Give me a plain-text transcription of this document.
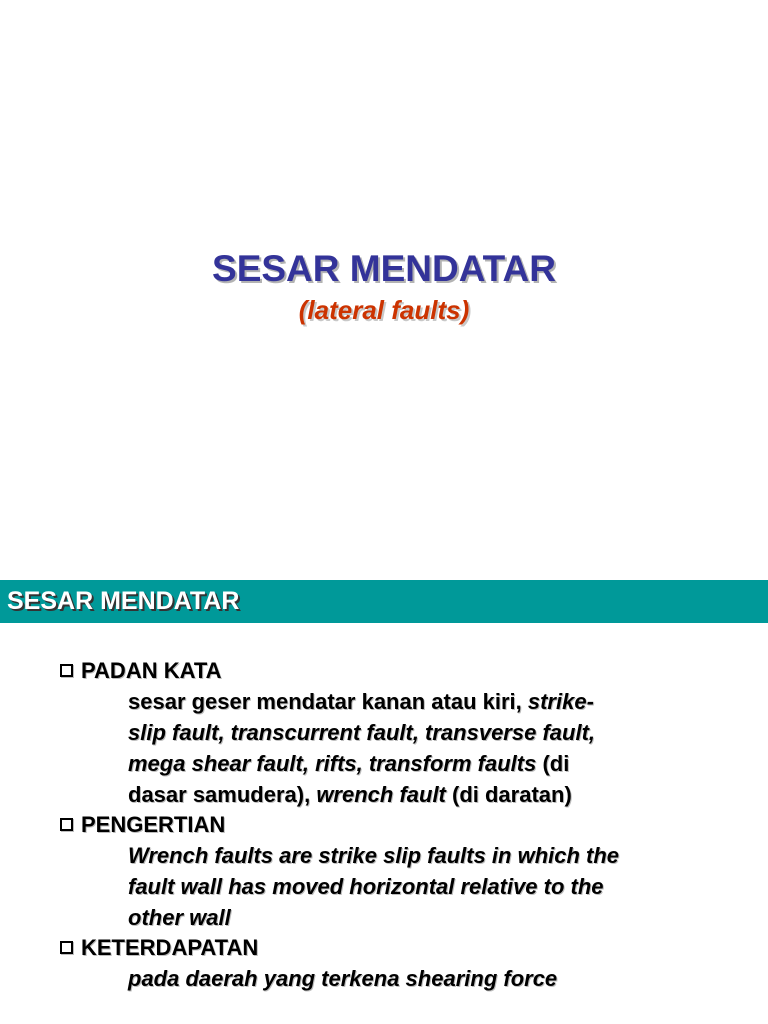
SESAR MENDATAR
(lateral faults)
SESAR MENDATAR
PADAN KATA
sesar geser mendatar kanan atau kiri, strike-
slip fault, transcurrent fault, transverse fault,
mega shear fault, rifts, transform faults (di
dasar samudera), wrench fault (di daratan)
PENGERTIAN
Wrench faults are strike slip faults in which the
fault wall has moved horizontal relative to the
other wall
KETERDAPATAN
pada daerah yang terkena shearing force
